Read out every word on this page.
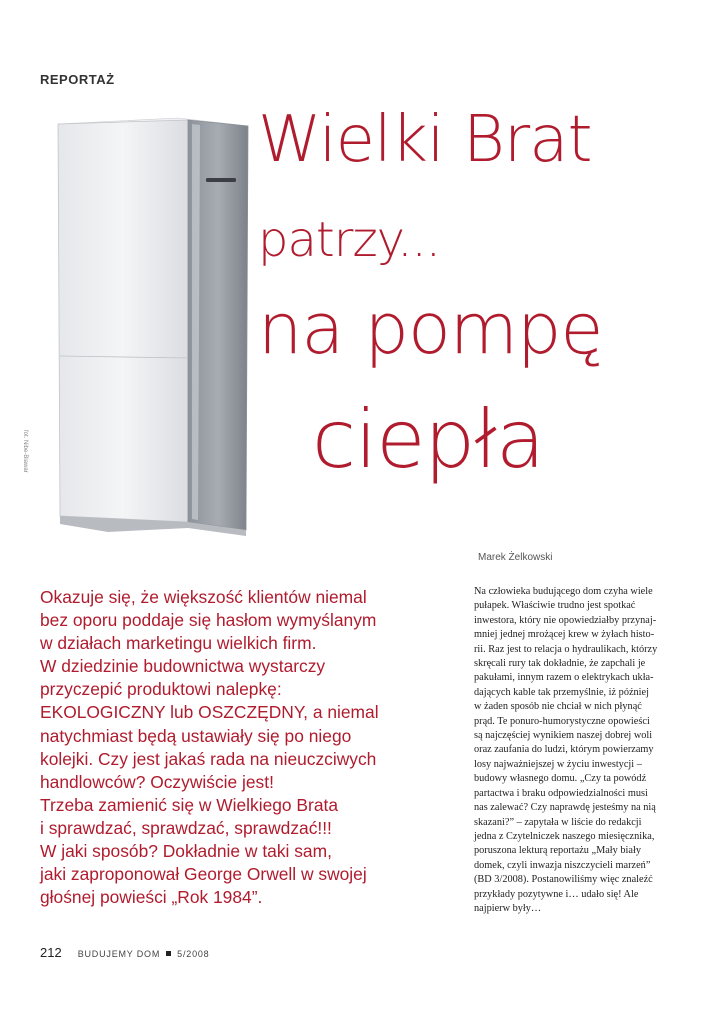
REPORTAŻ
fot. Nibe-Biawar
Wielki Brat
patrzy...
na pompę
ciepła
Marek Żelkowski

Okazuje się, że większość klientów niemal

bez oporu poddaje się hasłom wymyślanym

w działach marketingu wielkich firm.

W dziedzinie budownictwa wystarczy

przyczepić produktowi nalepkę:

EKOLOGICZNY lub OSZCZĘDNY, a niemal

natychmiast będą ustawiały się po niego

kolejki. Czy jest jakaś rada na nieuczciwych

handlowców? Oczywiście jest!

Trzeba zamienić się w Wielkiego Brata

i sprawdzać, sprawdzać, sprawdzać!!!

W jaki sposób? Dokładnie w taki sam,

jaki zaproponował George Orwell w swojej

głośnej powieści „Rok 1984”.

Na człowieka budującego dom czyha wiele

pułapek. Właściwie trudno jest spotkać

inwestora, który nie opowiedziałby przynaj-

mniej jednej mrożącej krew w żyłach histo-

rii. Raz jest to relacja o hydraulikach, którzy

skręcali rury tak dokładnie, że zapchali je

pakułami, innym razem o elektrykach ukła-

dających kable tak przemyślnie, iż później

w żaden sposób nie chciał w nich płynąć

prąd. Te ponuro-humorystyczne opowieści

są najczęściej wynikiem naszej dobrej woli

oraz zaufania do ludzi, którym powierzamy

losy najważniejszej w życiu inwestycji –

budowy własnego domu. „Czy ta powódź

partactwa i braku odpowiedzialności musi

nas zalewać? Czy naprawdę jesteśmy na nią

skazani?” – zapytała w liście do redakcji

jedna z Czytelniczek naszego miesięcznika,

poruszona lekturą reportażu „Mały biały

domek, czyli inwazja niszczycieli marzeń”

(BD 3/2008). Postanowiliśmy więc znaleźć

przykłady pozytywne i… udało się! Ale

najpierw były…

212 BUDUJEMY DOM 5/2008
